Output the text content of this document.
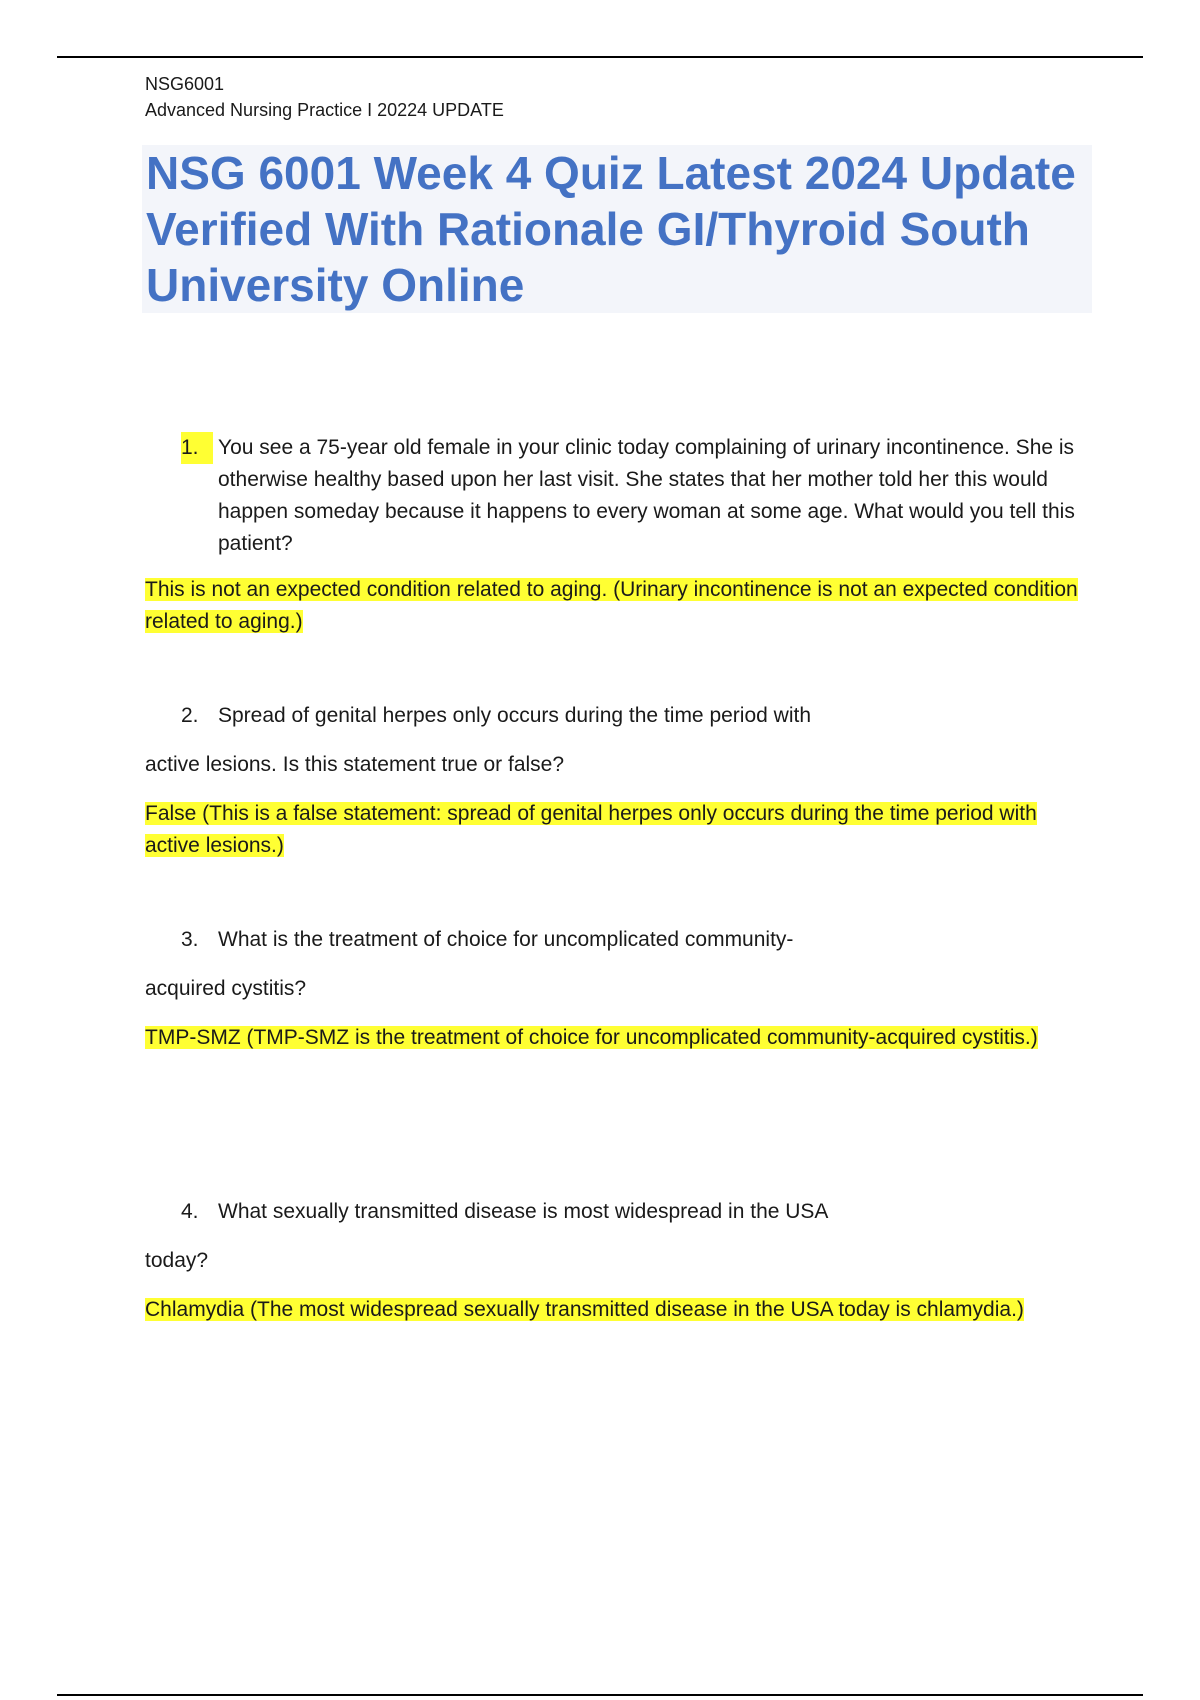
NSG6001
Advanced Nursing Practice I 20224 UPDATE
NSG 6001 Week 4 Quiz Latest 2024 Update Verified With Rationale GI/Thyroid South University Online
1. You see a 75-year old female in your clinic today complaining of urinary incontinence. She is otherwise healthy based upon her last visit. She states that her mother told her this would happen someday because it happens to every woman at some age. What would you tell this patient?
This is not an expected condition related to aging. (Urinary incontinence is not an expected condition related to aging.)
2. Spread of genital herpes only occurs during the time period with
active lesions. Is this statement true or false?
False (This is a false statement: spread of genital herpes only occurs during the time period with active lesions.)
3. What is the treatment of choice for uncomplicated community-
acquired cystitis?
TMP-SMZ (TMP-SMZ is the treatment of choice for uncomplicated community-acquired cystitis.)
4. What sexually transmitted disease is most widespread in the USA
today?
Chlamydia (The most widespread sexually transmitted disease in the USA today is chlamydia.)
